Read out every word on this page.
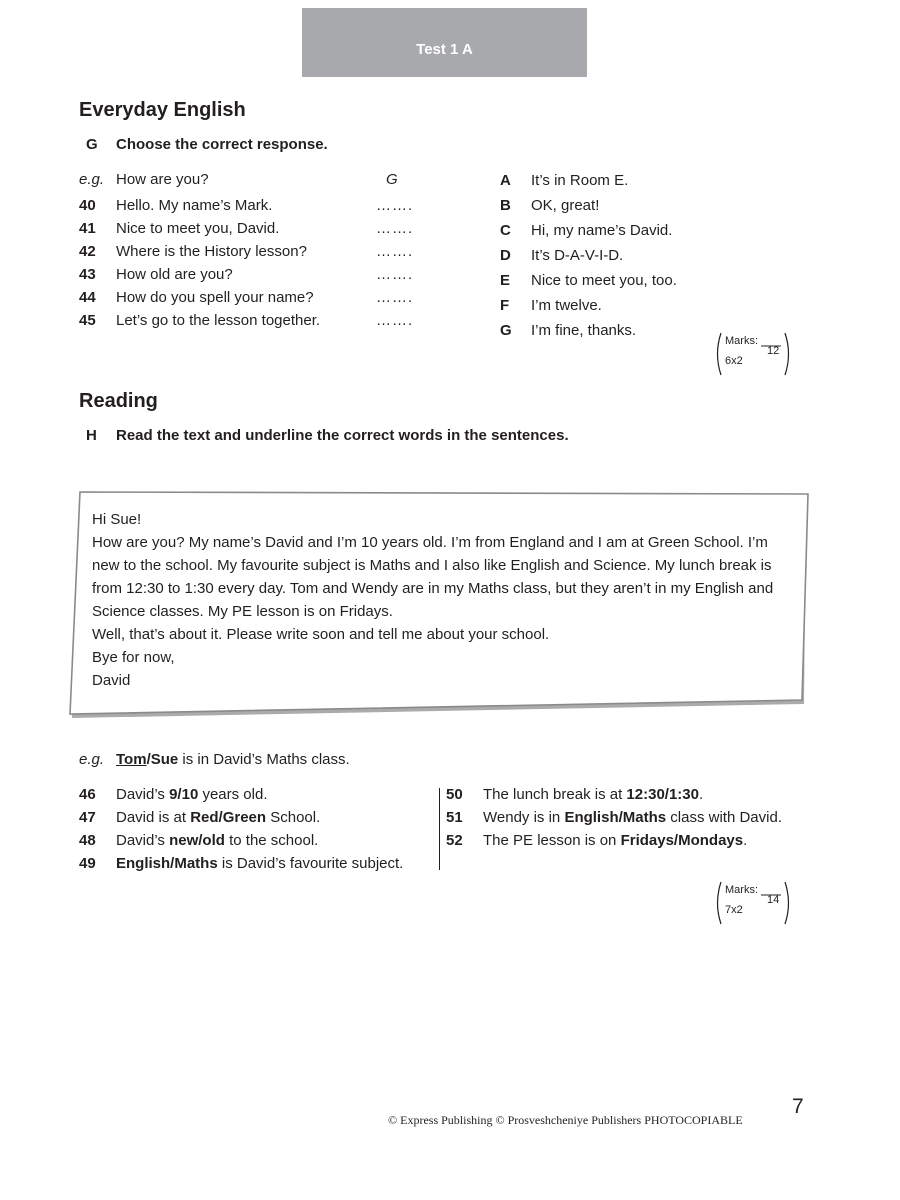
Test 1 A
Everyday English
G Choose the correct response.
e.g. How are you?	G
40 Hello. My name’s Mark.	…….
41 Nice to meet you, David.	…….
42 Where is the History lesson?	…….
43 How old are you?	…….
44 How do you spell your name?	…….
45 Let’s go to the lesson together.	…….
A It’s in Room E.
B OK, great!
C Hi, my name’s David.
D It’s D-A-V-I-D.
E Nice to meet you, too.
F I’m twelve.
G I’m fine, thanks.
Marks:
12
6x2
Reading
H Read the text and underline the correct words in the sentences.
Hi Sue!
How are you? My name’s David and I’m 10 years old. I’m from England and I am at Green School. I’m
new to the school. My favourite subject is Maths and I also like English and Science. My lunch break is
from 12:30 to 1:30 every day. Tom and Wendy are in my Maths class, but they aren’t in my English and
Science classes. My PE lesson is on Fridays.
Well, that’s about it. Please write soon and tell me about your school.
Bye for now,
David
e.g. Tom/Sue is in David’s Maths class.
46 David’s 9/10 years old.
47 David is at Red/Green School.
48 David’s new/old to the school.
49 English/Maths is David’s favourite subject.
50 The lunch break is at 12:30/1:30.
51 Wendy is in English/Maths class with David.
52 The PE lesson is on Fridays/Mondays.
Marks:
14
7x2
© Express Publishing © Prosveshcheniye Publishers PHOTOCOPIABLE
7
